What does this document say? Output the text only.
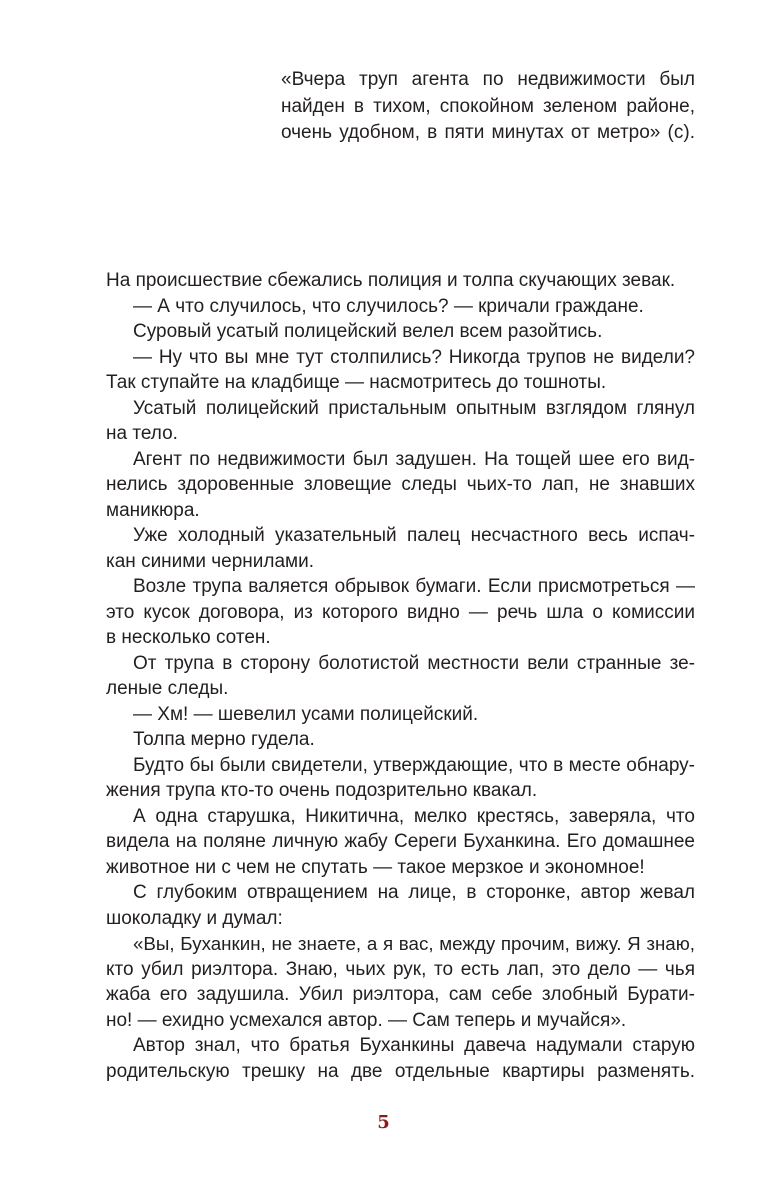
«Вчера труп агента по недвижимости был
найден в тихом, спокойном зеленом районе,
очень удобном, в пяти минутах от метро» (с).
На происшествие сбежались полиция и толпа скучающих зевак.
— А что случилось, что случилось? — кричали граждане.
Суровый усатый полицейский велел всем разойтись.
— Ну что вы мне тут столпились? Никогда трупов не видели?
Так ступайте на кладбище — насмотритесь до тошноты.
Усатый полицейский пристальным опытным взглядом глянул
на тело.
Агент по недвижимости был задушен. На тощей шее его вид-
нелись здоровенные зловещие следы чьих-то лап, не знавших
маникюра.
Уже холодный указательный палец несчастного весь испач-
кан синими чернилами.
Возле трупа валяется обрывок бумаги. Если присмотреться —
это кусок договора, из которого видно — речь шла о комиссии
в несколько сотен.
От трупа в сторону болотистой местности вели странные зе-
леные следы.
— Хм! — шевелил усами полицейский.
Толпа мерно гудела.
Будто бы были свидетели, утверждающие, что в месте обнару-
жения трупа кто-то очень подозрительно квакал.
А одна старушка, Никитична, мелко крестясь, заверяла, что
видела на поляне личную жабу Сереги Буханкина. Его домашнее
животное ни с чем не спутать — такое мерзкое и экономное!
С глубоким отвращением на лице, в сторонке, автор жевал
шоколадку и думал:
«Вы, Буханкин, не знаете, а я вас, между прочим, вижу. Я знаю,
кто убил риэлтора. Знаю, чьих рук, то есть лап, это дело — чья
жаба его задушила. Убил риэлтора, сам себе злобный Бурати-
но! — ехидно усмехался автор. — Сам теперь и мучайся».
Автор знал, что братья Буханкины давеча надумали старую
родительскую трешку на две отдельные квартиры разменять.
5
